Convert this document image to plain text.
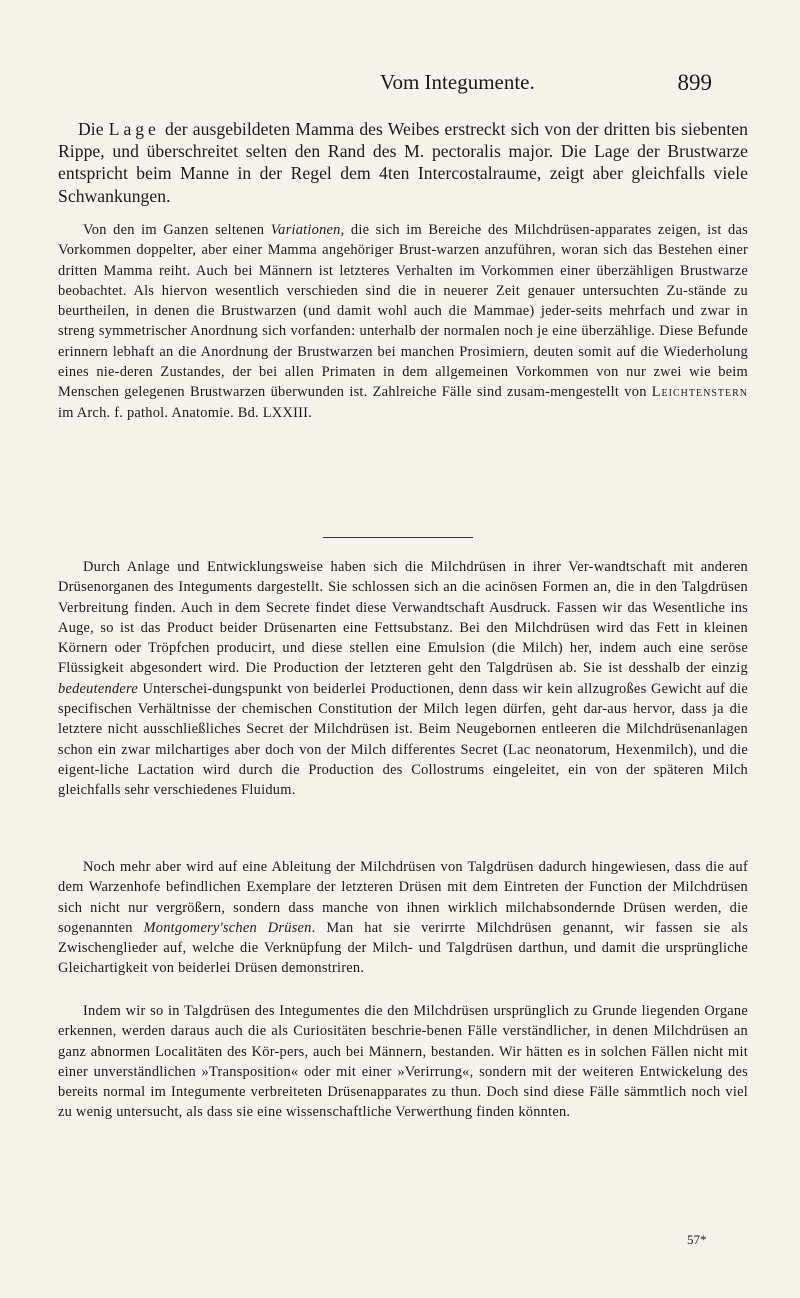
Vom Integumente.	899

Die Lage der ausgebildeten Mamma des Weibes erstreckt sich von der dritten bis siebenten Rippe, und überschreitet selten den Rand des M. pectoralis major. Die Lage der Brustwarze entspricht beim Manne in der Regel dem 4ten Intercostalraume, zeigt aber gleichfalls viele Schwankungen.

Von den im Ganzen seltenen Variationen, die sich im Bereiche des Milchdrüsen-apparates zeigen, ist das Vorkommen doppelter, aber einer Mamma angehöriger Brust-warzen anzuführen, woran sich das Bestehen einer dritten Mamma reiht. Auch bei Männern ist letzteres Verhalten im Vorkommen einer überzähligen Brustwarze beobachtet. Als hiervon wesentlich verschieden sind die in neuerer Zeit genauer untersuchten Zu-stände zu beurtheilen, in denen die Brustwarzen (und damit wohl auch die Mammae) jeder-seits mehrfach und zwar in streng symmetrischer Anordnung sich vorfanden: unterhalb der normalen noch je eine überzählige. Diese Befunde erinnern lebhaft an die Anordnung der Brustwarzen bei manchen Prosimiern, deuten somit auf die Wiederholung eines nie-deren Zustandes, der bei allen Primaten in dem allgemeinen Vorkommen von nur zwei wie beim Menschen gelegenen Brustwarzen überwunden ist. Zahlreiche Fälle sind zusam-mengestellt von Leichtenstern im Arch. f. pathol. Anatomie. Bd. LXXIII.

Durch Anlage und Entwicklungsweise haben sich die Milchdrüsen in ihrer Ver-wandtschaft mit anderen Drüsenorganen des Integuments dargestellt. Sie schlossen sich an die acinösen Formen an, die in den Talgdrüsen Verbreitung finden. Auch in dem Secrete findet diese Verwandtschaft Ausdruck. Fassen wir das Wesentliche ins Auge, so ist das Product beider Drüsenarten eine Fettsubstanz. Bei den Milchdrüsen wird das Fett in kleinen Körnern oder Tröpfchen producirt, und diese stellen eine Emulsion (die Milch) her, indem auch eine seröse Flüssigkeit abgesondert wird. Die Production der letzteren geht den Talgdrüsen ab. Sie ist desshalb der einzig bedeutendere Unterschei-dungspunkt von beiderlei Productionen, denn dass wir kein allzugroßes Gewicht auf die specifischen Verhältnisse der chemischen Constitution der Milch legen dürfen, geht dar-aus hervor, dass ja die letztere nicht ausschließliches Secret der Milchdrüsen ist. Beim Neugebornen entleeren die Milchdrüsenanlagen schon ein zwar milchartiges aber doch von der Milch differentes Secret (Lac neonatorum, Hexenmilch), und die eigent-liche Lactation wird durch die Production des Collostrums eingeleitet, ein von der späteren Milch gleichfalls sehr verschiedenes Fluidum.

Noch mehr aber wird auf eine Ableitung der Milchdrüsen von Talgdrüsen dadurch hingewiesen, dass die auf dem Warzenhofe befindlichen Exemplare der letzteren Drüsen mit dem Eintreten der Function der Milchdrüsen sich nicht nur vergrößern, sondern dass manche von ihnen wirklich milchabsondernde Drüsen werden, die sogenannten Montgomery'schen Drüsen. Man hat sie verirrte Milchdrüsen genannt, wir fassen sie als Zwischenglieder auf, welche die Verknüpfung der Milch- und Talgdrüsen darthun, und damit die ursprüngliche Gleichartigkeit von beiderlei Drüsen demonstriren.

Indem wir so in Talgdrüsen des Integumentes die den Milchdrüsen ursprünglich zu Grunde liegenden Organe erkennen, werden daraus auch die als Curiositäten beschrie-benen Fälle verständlicher, in denen Milchdrüsen an ganz abnormen Localitäten des Kör-pers, auch bei Männern, bestanden. Wir hätten es in solchen Fällen nicht mit einer unverständlichen »Transposition« oder mit einer »Verirrung«, sondern mit der weiteren Entwickelung des bereits normal im Integumente verbreiteten Drüsenapparates zu thun. Doch sind diese Fälle sämmtlich noch viel zu wenig untersucht, als dass sie eine wissenschaftliche Verwerthung finden könnten.

57*
